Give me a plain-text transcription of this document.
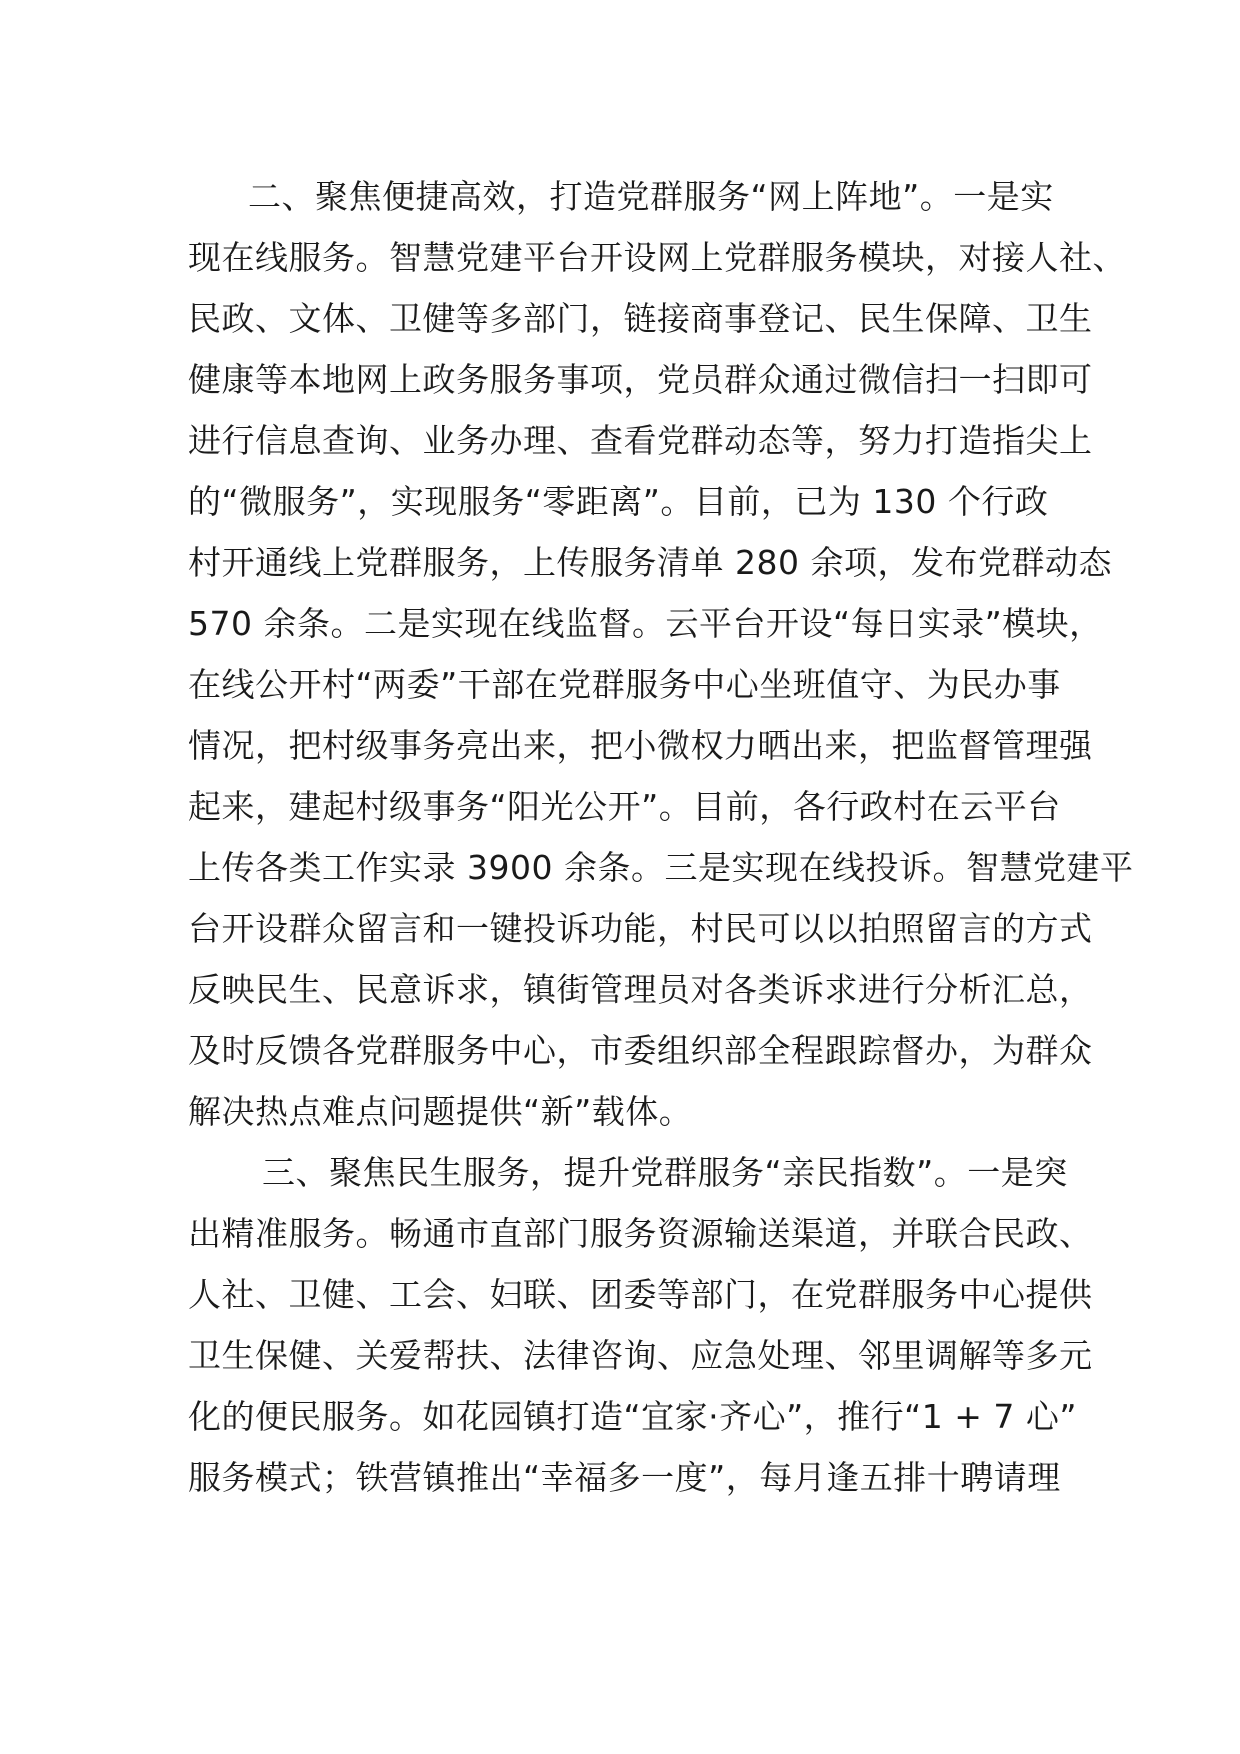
二、聚焦便捷高效，打造党群服务“网上阵地”。一是实

现在线服务。智慧党建平台开设网上党群服务模块，对接人社、

民政、文体、卫健等多部门，链接商事登记、民生保障、卫生

健康等本地网上政务服务事项，党员群众通过微信扫一扫即可

进行信息查询、业务办理、查看党群动态等，努力打造指尖上

的“微服务”，实现服务“零距离”。目前，已为 130 个行政

村开通线上党群服务，上传服务清单 280 余项，发布党群动态

570 余条。二是实现在线监督。云平台开设“每日实录”模块，

在线公开村“两委”干部在党群服务中心坐班值守、为民办事

情况，把村级事务亮出来，把小微权力晒出来，把监督管理强

起来，建起村级事务“阳光公开”。目前，各行政村在云平台

上传各类工作实录 3900 余条。三是实现在线投诉。智慧党建平

台开设群众留言和一键投诉功能，村民可以以拍照留言的方式

反映民生、民意诉求，镇街管理员对各类诉求进行分析汇总，

及时反馈各党群服务中心，市委组织部全程跟踪督办，为群众

解决热点难点问题提供“新”载体。

三、聚焦民生服务，提升党群服务“亲民指数”。一是突

出精准服务。畅通市直部门服务资源输送渠道，并联合民政、

人社、卫健、工会、妇联、团委等部门，在党群服务中心提供

卫生保健、关爱帮扶、法律咨询、应急处理、邻里调解等多元

化的便民服务。如花园镇打造“宜家·齐心”，推行“1 + 7 心”

服务模式；铁营镇推出“幸福多一度”，每月逢五排十聘请理
